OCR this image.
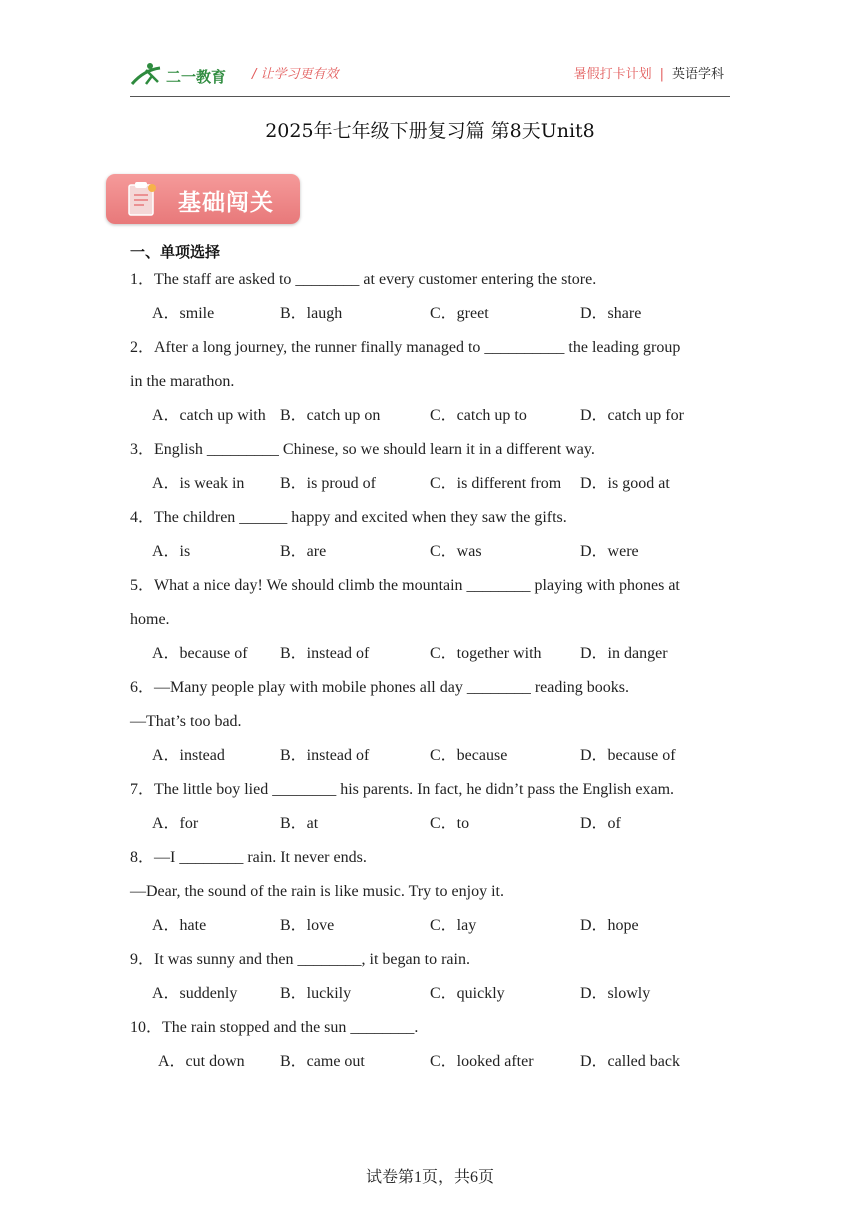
二一教育 / 让学习更有效	暑假打卡计划 | 英语学科
2025年七年级下册复习篇 第8天Unit8
基础闯关
一、单项选择
1．The staff are asked to ________ at every customer entering the store.
A．smile	B．laugh	C．greet	D．share
2．After a long journey, the runner finally managed to __________ the leading group
in the marathon.
A．catch up with B．catch up on	C．catch up to	D．catch up for
3．English _________ Chinese, so we should learn it in a different way.
A．is weak in B．is proud of	C．is different from D．is good at
4．The children ______ happy and excited when they saw the gifts.
A．is	B．are	C．was	D．were
5．What a nice day! We should climb the mountain ________ playing with phones at
home.
A．because of B．instead of	C．together with D．in danger
6．—Many people play with mobile phones all day ________ reading books.
—That’s too bad.
A．instead	B．instead of	C．because	D．because of
7．The little boy lied ________ his parents. In fact, he didn’t pass the English exam.
A．for	B．at	C．to	D．of
8．—I ________ rain. It never ends.
—Dear, the sound of the rain is like music. Try to enjoy it.
A．hate	B．love	C．lay	D．hope
9．It was sunny and then ________, it began to rain.
A．suddenly	B．luckily	C．quickly	D．slowly
10．The rain stopped and the sun ________.
A．cut down B．came out	C．looked after	D．called back
试卷第1页，共6页
